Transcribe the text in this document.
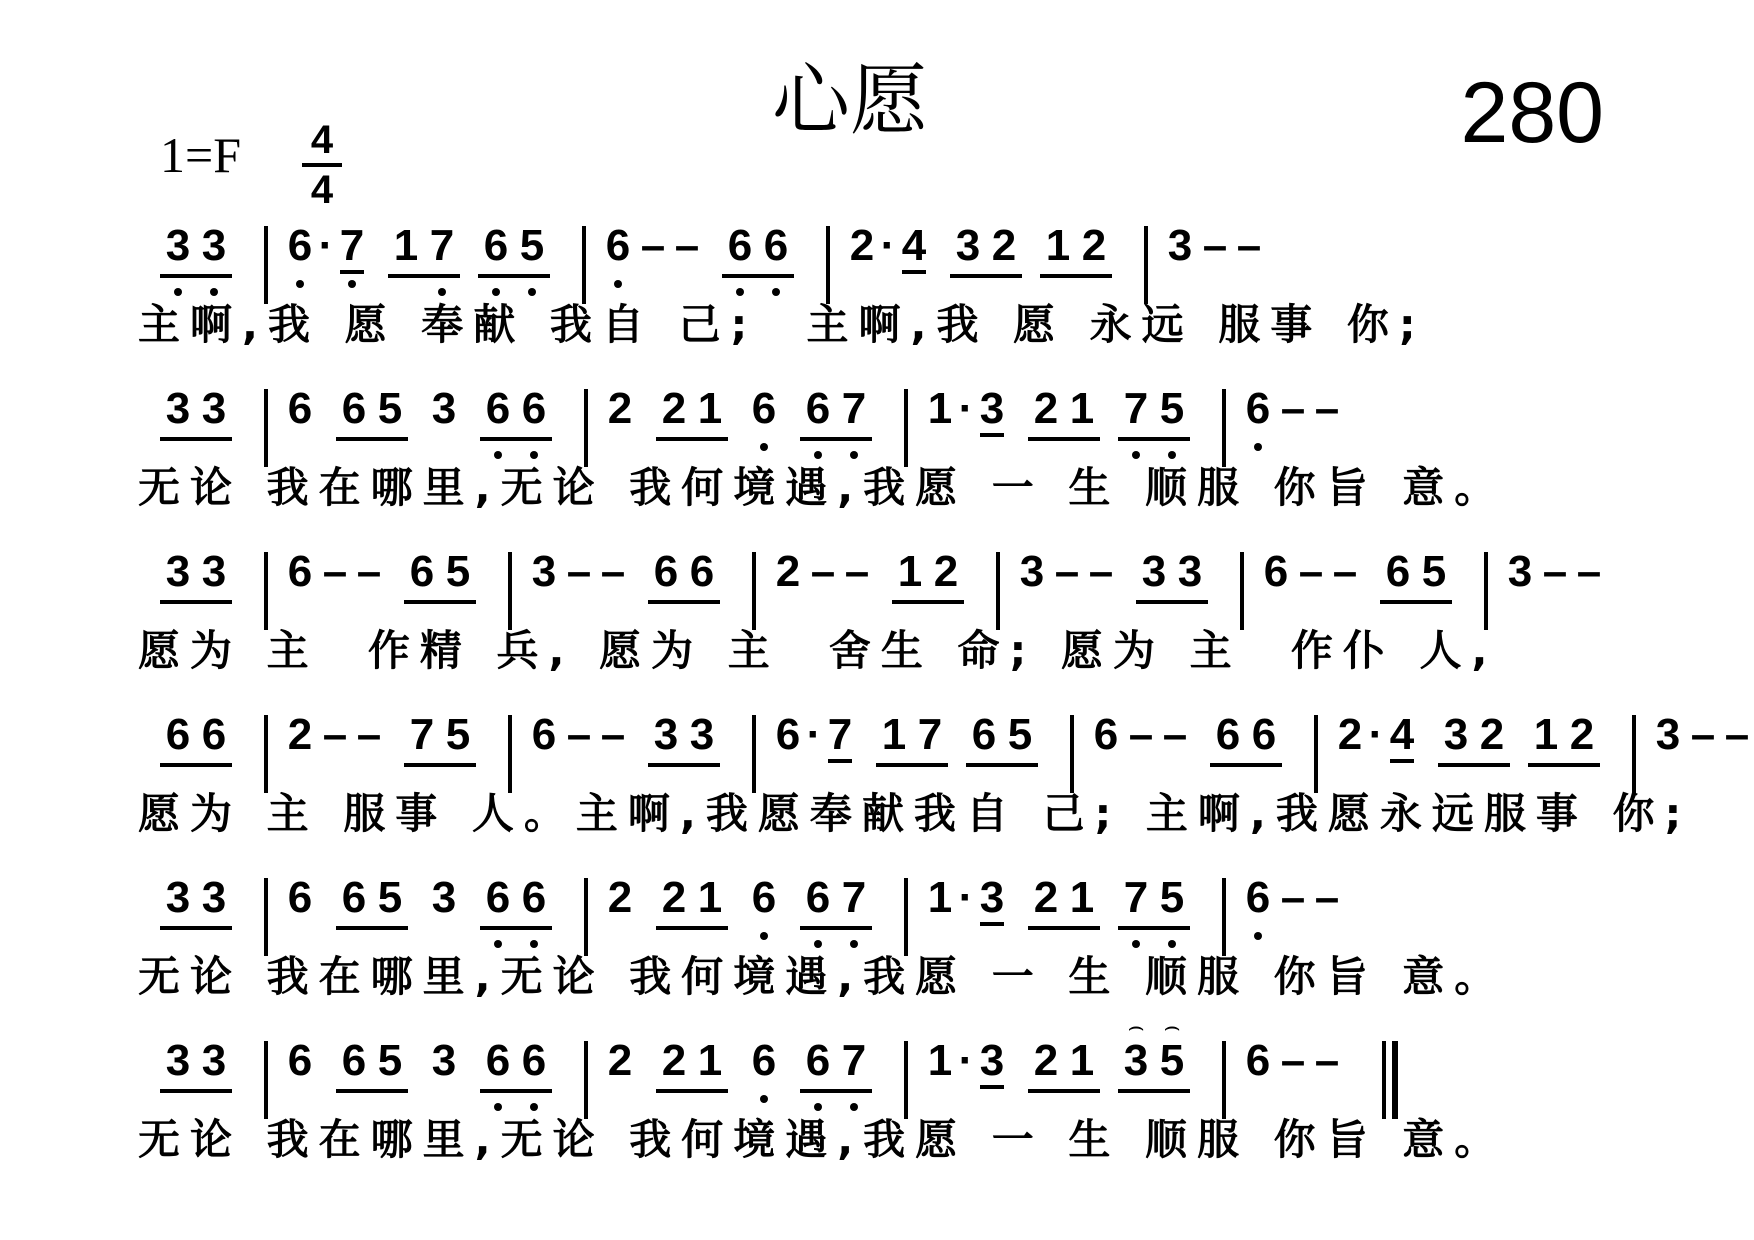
心愿	280
1=F 4
4
3 3 6 · 7 1 7 6 5 6 – – 6 6 2 · 4 3 2 1 2 3 – –
主啊,我 愿 奉献 我自 己;  主啊,我 愿 永远 服事 你;
3 3 6 6 5 3 6 6 2 2 1 6 6 7 1 · 3 2 1 7 5 6 – –
无论 我在哪里,无论 我何境遇,我愿 一 生 顺服 你旨 意。
3 3 6 – – 6 5 3 – – 6 6 2 – – 1 2 3 – – 3 3 6 – – 6 5 3 – –
愿为 主  作精 兵, 愿为 主  舍生 命; 愿为 主  作仆 人,
6 6 2 – – 7 5 6 – – 3 3 6 · 7 1 7 6 5 6 – – 6 6 2 · 4 3 2 1 2 3 – –
愿为 主 服事 人。主啊,我愿奉献我自 己; 主啊,我愿永远服事 你;
3 3 6 6 5 3 6 6 2 2 1 6 6 7 1 · 3 2 1 7 5 6 – –
无论 我在哪里,无论 我何境遇,我愿 一 生 顺服 你旨 意。
3 3 6 6 5 3 6 6 2 2 1 6 6 7 1 · 3 2 1 3
⌢
5
⌢
6 – –
无论 我在哪里,无论 我何境遇,我愿 一 生 顺服 你旨 意。
